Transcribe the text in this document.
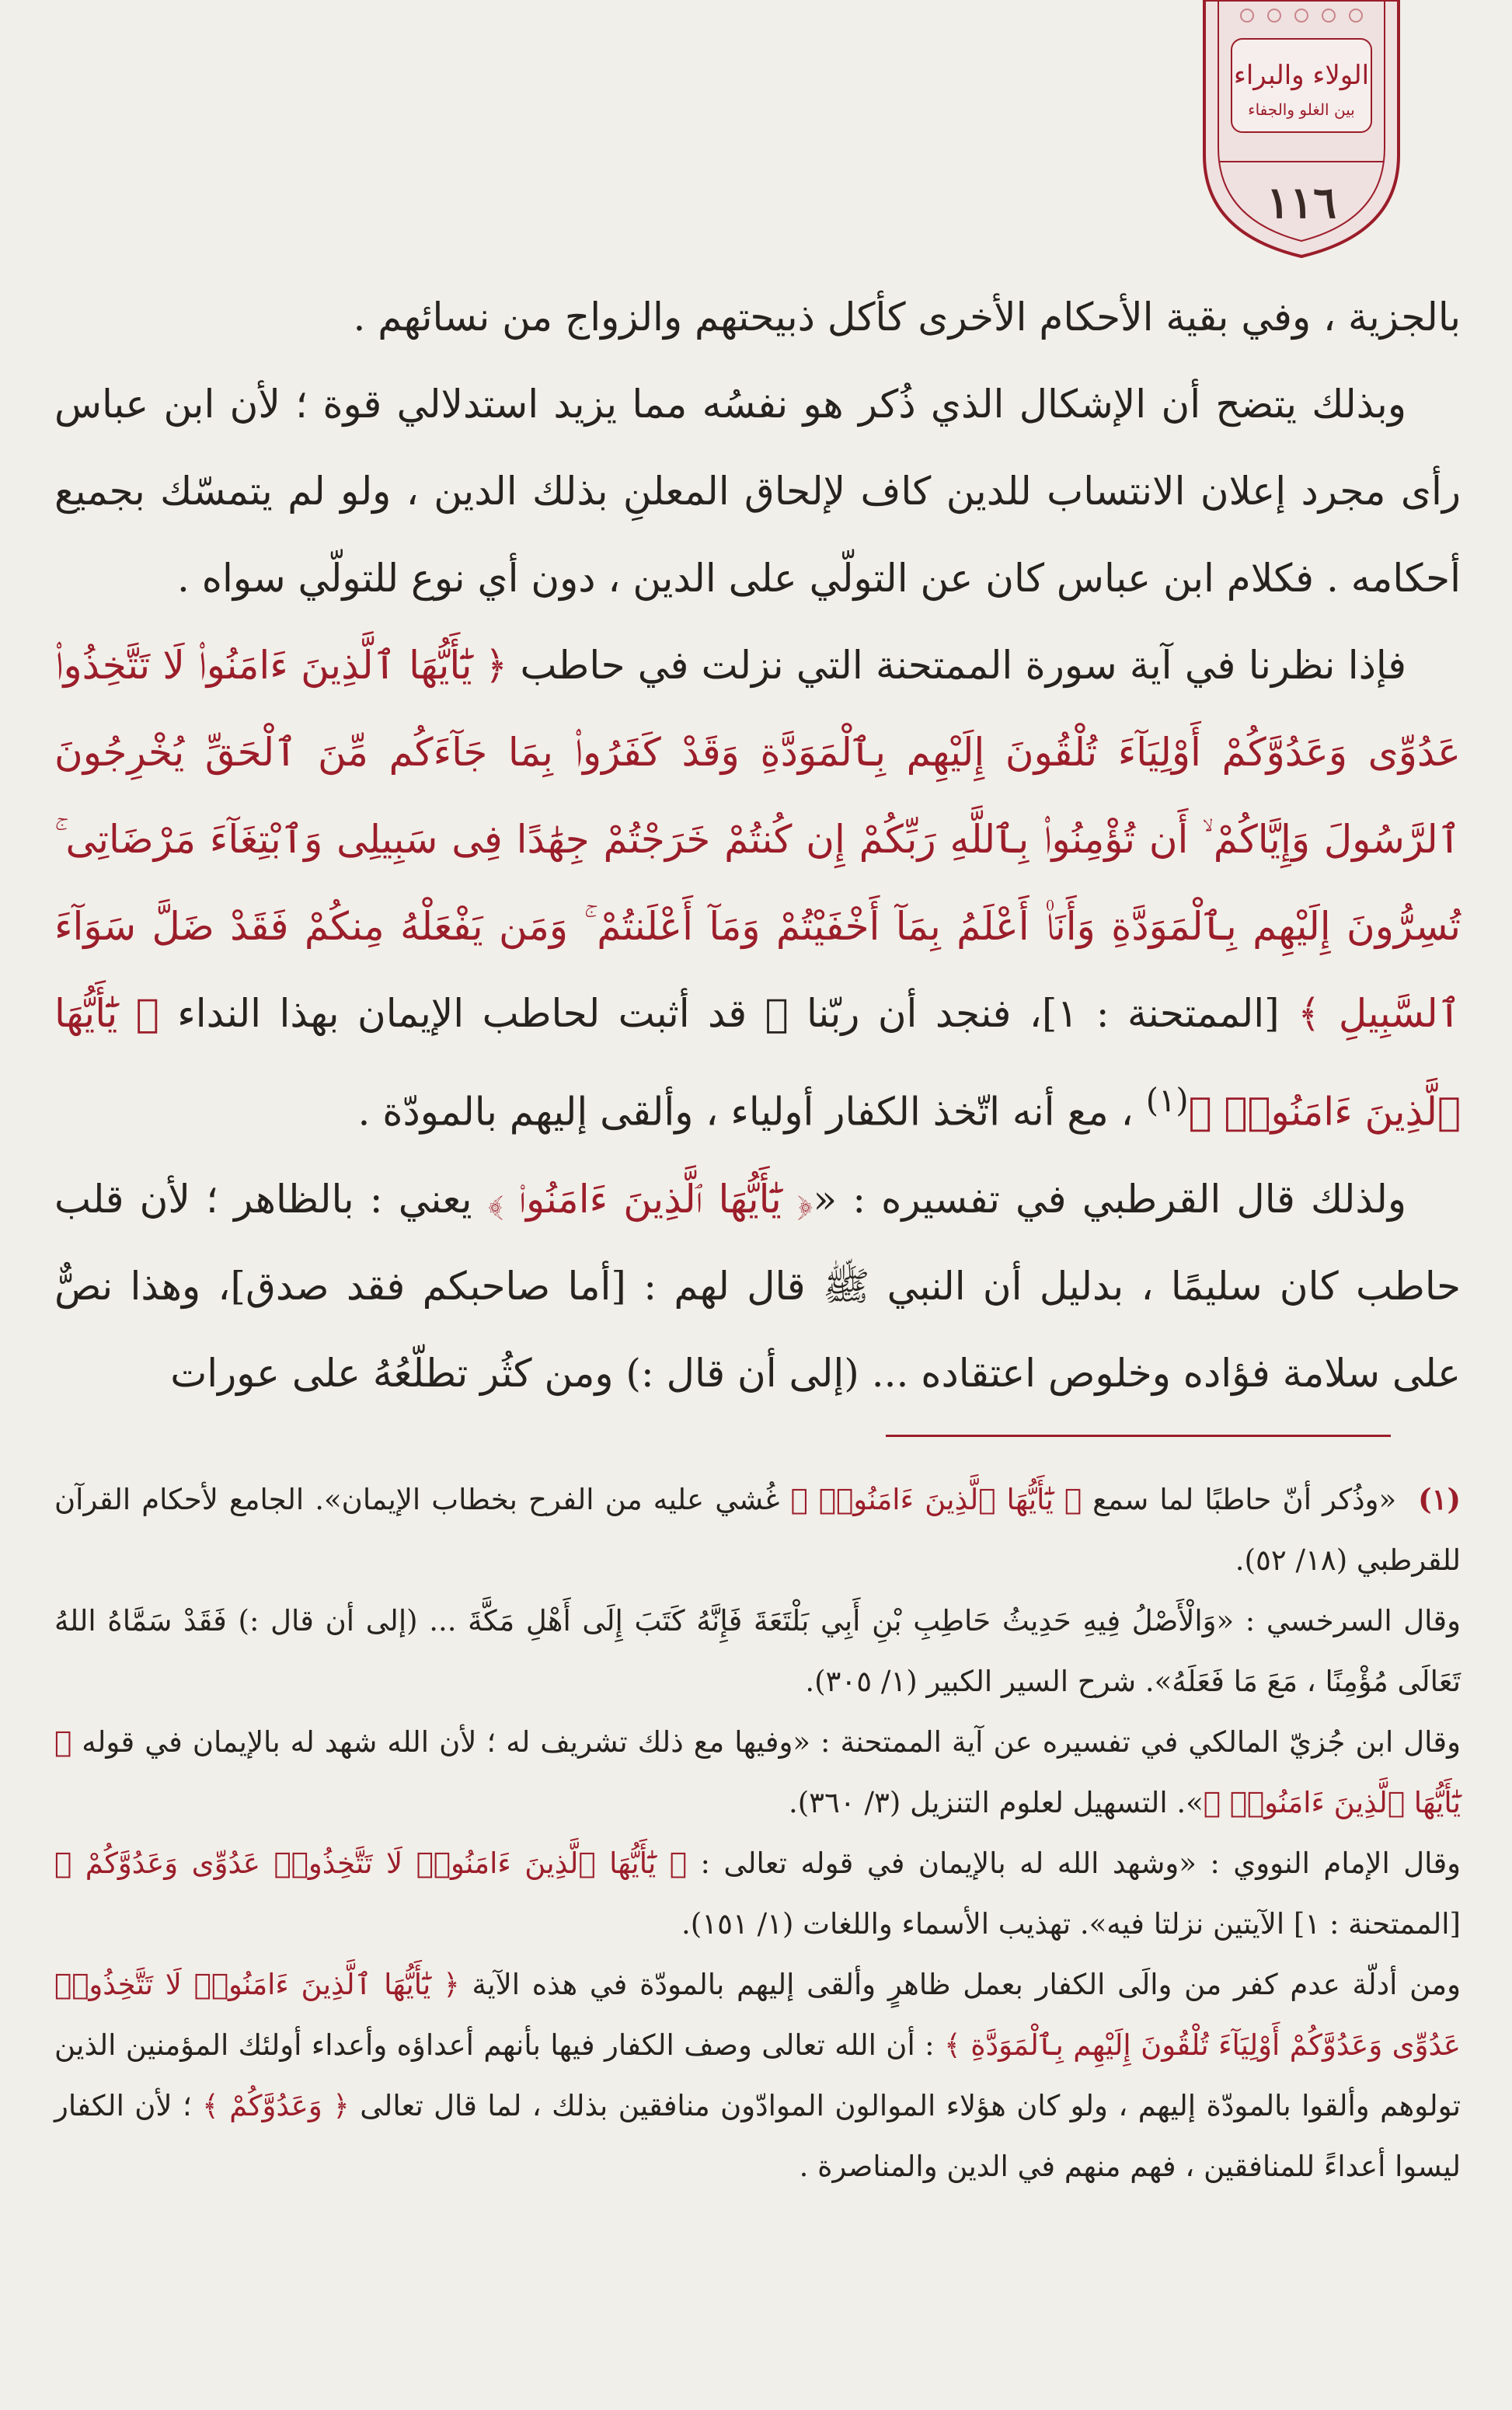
الولاء والبراء
بين الغلو والجفاء
١١٦

بالجزية ، وفي بقية الأحكام الأخرى كأكل ذبيحتهم والزواج من نسائهم .

وبذلك يتضح أن الإشكال الذي ذُكر هو نفسُه مما يزيد استدلالي قوة ؛ لأن ابن عباس رأى مجرد إعلان الانتساب للدين كاف لإلحاق المعلنِ بذلك الدين ، ولو لم يتمسّك بجميع أحكامه . فكلام ابن عباس كان عن التولّي على الدين ، دون أي نوع للتولّي سواه .

فإذا نظرنا في آية سورة الممتحنة التي نزلت في حاطب ﴿ يَٰٓأَيُّهَا ٱلَّذِينَ ءَامَنُوا۟ لَا تَتَّخِذُوا۟ عَدُوِّى وَعَدُوَّكُمْ أَوْلِيَآءَ تُلْقُونَ إِلَيْهِم بِٱلْمَوَدَّةِ وَقَدْ كَفَرُوا۟ بِمَا جَآءَكُم مِّنَ ٱلْحَقِّ يُخْرِجُونَ ٱلرَّسُولَ وَإِيَّاكُمْ ۙ أَن تُؤْمِنُوا۟ بِٱللَّهِ رَبِّكُمْ إِن كُنتُمْ خَرَجْتُمْ جِهَٰدًا فِى سَبِيلِى وَٱبْتِغَآءَ مَرْضَاتِى ۚ تُسِرُّونَ إِلَيْهِم بِٱلْمَوَدَّةِ وَأَنَا۠ أَعْلَمُ بِمَآ أَخْفَيْتُمْ وَمَآ أَعْلَنتُمْ ۚ وَمَن يَفْعَلْهُ مِنكُمْ فَقَدْ ضَلَّ سَوَآءَ ٱلسَّبِيلِ ﴾ [الممتحنة : ١]، فنجد أن ربّنا ﷻ قد أثبت لحاطب الإيمان بهذا النداء ﴿ يَٰٓأَيُّهَا ٱلَّذِينَ ءَامَنُوا۟ ﴾$^{(١)}$ ، مع أنه اتّخذ الكفار أولياء ، وألقى إليهم بالمودّة .

ولذلك قال القرطبي في تفسيره : «﴿ يَٰٓأَيُّهَا ٱلَّذِينَ ءَامَنُوا۟ ﴾ يعني : بالظاهر ؛ لأن قلب حاطب كان سليمًا ، بدليل أن النبي ﷺ قال لهم : [أما صاحبكم فقد صدق]، وهذا نصٌّ على سلامة فؤاده وخلوص اعتقاده ... (إلى أن قال :) ومن كثُر تطلّعُهُ على عورات

(١)«وذُكر أنّ حاطبًا لما سمع ﴿ يَٰٓأَيُّهَا ٱلَّذِينَ ءَامَنُوا۟ ﴾ غُشي عليه من الفرح بخطاب الإيمان». الجامع لأحكام القرآن للقرطبي (١٨/ ٥٢).

وقال السرخسي : «وَالْأَصْلُ فِيهِ حَدِيثُ حَاطِبِ بْنِ أَبِي بَلْتَعَةَ فَإِنَّهُ كَتَبَ إِلَى أَهْلِ مَكَّةَ ... (إلى أن قال :) فَقَدْ سَمَّاهُ اللهُ تَعَالَى مُؤْمِنًا ، مَعَ مَا فَعَلَهُ». شرح السير الكبير (١/ ٣٠٥).

وقال ابن جُزيّ المالكي في تفسيره عن آية الممتحنة : «وفيها مع ذلك تشريف له ؛ لأن الله شهد له بالإيمان في قوله ﴿ يَٰٓأَيُّهَا ٱلَّذِينَ ءَامَنُوا۟ ﴾». التسهيل لعلوم التنزيل (٣/ ٣٦٠).

وقال الإمام النووي : «وشهد الله له بالإيمان في قوله تعالى : ﴿ يَٰٓأَيُّهَا ٱلَّذِينَ ءَامَنُوا۟ لَا تَتَّخِذُوا۟ عَدُوِّى وَعَدُوَّكُمْ ﴾ [الممتحنة : ١] الآيتين نزلتا فيه». تهذيب الأسماء واللغات (١/ ١٥١).

ومن أدلّة عدم كفر من والَى الكفار بعمل ظاهرٍ وألقى إليهم بالمودّة في هذه الآية ﴿ يَٰٓأَيُّهَا ٱلَّذِينَ ءَامَنُوا۟ لَا تَتَّخِذُوا۟ عَدُوِّى وَعَدُوَّكُمْ أَوْلِيَآءَ تُلْقُونَ إِلَيْهِم بِٱلْمَوَدَّةِ ﴾ : أن الله تعالى وصف الكفار فيها بأنهم أعداؤه وأعداء أولئك المؤمنين الذين تولوهم وألقوا بالمودّة إليهم ، ولو كان هؤلاء الموالون الموادّون منافقين بذلك ، لما قال تعالى ﴿ وَعَدُوَّكُمْ ﴾ ؛ لأن الكفار ليسوا أعداءً للمنافقين ، فهم منهم في الدين والمناصرة .
